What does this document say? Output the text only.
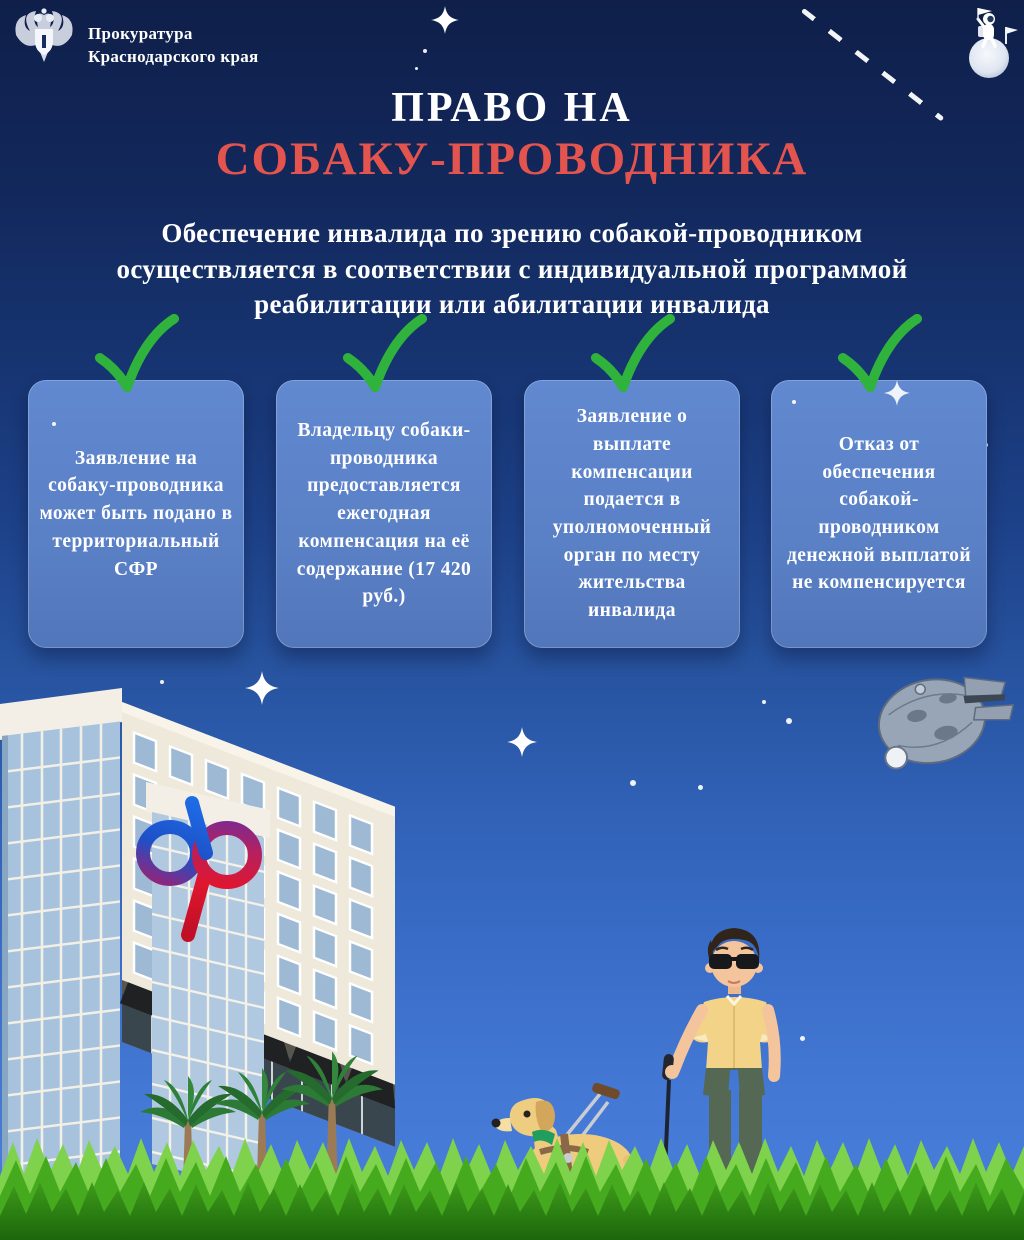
Прокуратура
Краснодарского края
ПРАВО НА
СОБАКУ-ПРОВОДНИКА
Обеспечение инвалида по зрению собакой-проводником осуществляется в соответствии с индивидуальной программой реабилитации или абилитации инвалида
Заявление на собаку-проводника может быть подано в территориальный СФР
Владельцу собаки-проводника предоставляется ежегодная компенсация на её содержание (17 420 руб.)
Заявление о выплате компенсации подается в уполномоченный орган по месту жительства инвалида
Отказ от обеспечения собакой-проводником денежной выплатой не компенсируется
